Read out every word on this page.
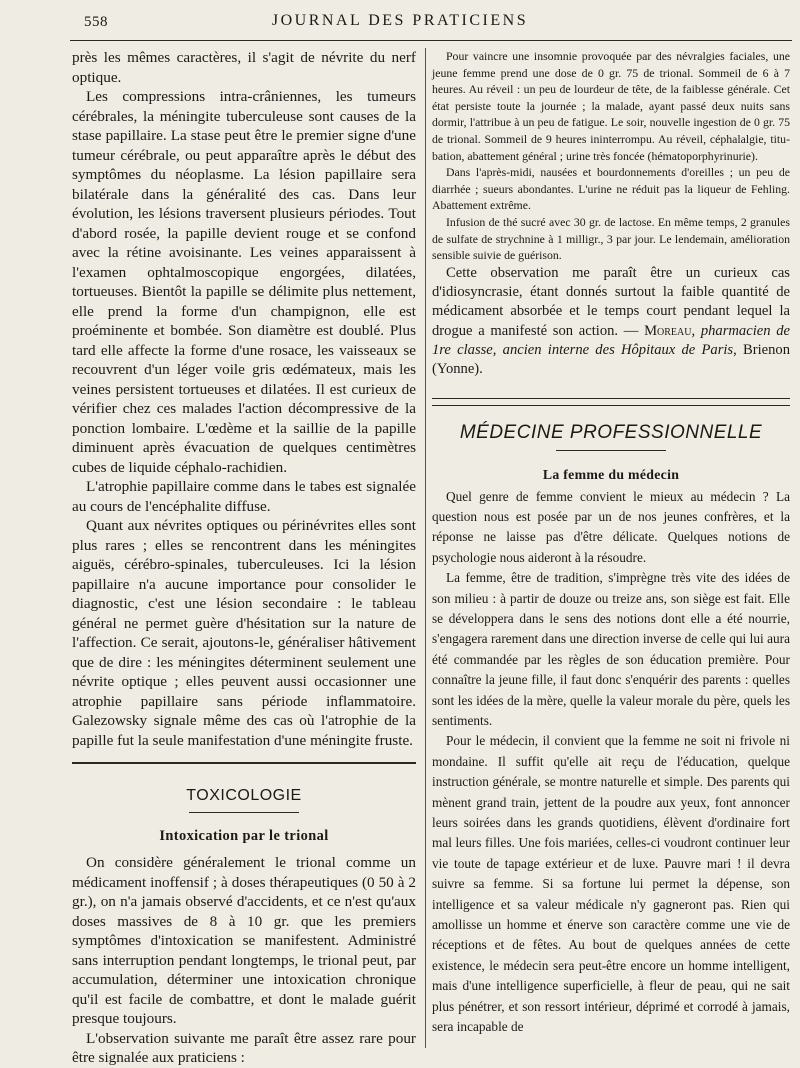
558	JOURNAL DES PRATICIENS

près les mêmes caractères, il s'agit de névrite du nerf optique.

Les compressions intra-crâniennes, les tumeurs cérébrales, la méningite tuberculeuse sont causes de la stase papillaire. La stase peut être le premier signe d'une tumeur cérébrale, ou peut apparaître après le début des symptômes du néoplasme. La lésion papillaire sera bilatérale dans la généralité des cas. Dans leur évolution, les lésions traversent plusieurs périodes. Tout d'abord rosée, la papille devient rouge et se confond avec la rétine avoisinante. Les veines apparaissent à l'examen ophtalmoscopique engorgées, dilatées, tortueuses. Bientôt la papille se délimite plus nettement, elle prend la forme d'un champignon, elle est proéminente et bombée. Son diamètre est doublé. Plus tard elle affecte la forme d'une rosace, les vaisseaux se recouvrent d'un léger voile gris œdémateux, mais les veines persistent tortueuses et dilatées. Il est curieux de vérifier chez ces malades l'action décompressive de la ponction lombaire. L'œdème et la saillie de la papille diminuent après évacuation de quelques centimètres cubes de liquide céphalo-rachidien.

L'atrophie papillaire comme dans le tabes est signalée au cours de l'encéphalite diffuse.

Quant aux névrites optiques ou périnévrites elles sont plus rares ; elles se rencontrent dans les méningites aiguës, cérébro-spinales, tuberculeuses. Ici la lésion papillaire n'a aucune importance pour consolider le diagnostic, c'est une lésion secondaire : le tableau général ne permet guère d'hésitation sur la nature de l'affection. Ce serait, ajoutons-le, généraliser hâtivement que de dire : les méningites déterminent seulement une névrite optique ; elles peuvent aussi occasionner une atrophie papillaire sans période inflammatoire. Galezowsky signale même des cas où l'atrophie de la papille fut la seule manifestation d'une méningite fruste.

TOXICOLOGIE
Intoxication par le trional

On considère généralement le trional comme un médicament inoffensif ; à doses thérapeutiques (0 50 à 2 gr.), on n'a jamais observé d'accidents, et ce n'est qu'aux doses massives de 8 à 10 gr. que les premiers symptômes d'intoxication se manifestent. Administré sans interruption pendant longtemps, le trional peut, par accumulation, déterminer une intoxication chronique qu'il est facile de combattre, et dont le malade guérit presque toujours.

L'observation suivante me paraît être assez rare pour être signalée aux praticiens :

Pour vaincre une insomnie provoquée par des névralgies faciales, une jeune femme prend une dose de 0 gr. 75 de trional. Sommeil de 6 à 7 heures. Au réveil : un peu de lourdeur de tête, de la faiblesse générale. Cet état persiste toute la journée ; la malade, ayant passé deux nuits sans dormir, l'attribue à un peu de fatigue. Le soir, nouvelle ingestion de 0 gr. 75 de trional. Sommeil de 9 heures ininterrompu. Au réveil, céphalalgie, titubation, abattement général ; urine très foncée (hématoporphyrinurie).

Dans l'après-midi, nausées et bourdonnements d'oreilles ; un peu de diarrhée ; sueurs abondantes. L'urine ne réduit pas la liqueur de Fehling. Abattement extrême.

Infusion de thé sucré avec 30 gr. de lactose. En même temps, 2 granules de sulfate de strychnine à 1 milligr., 3 par jour. Le lendemain, amélioration sensible suivie de guérison.

Cette observation me paraît être un curieux cas d'idiosyncrasie, étant donnés surtout la faible quantité de médicament absorbée et le temps court pendant lequel la drogue a manifesté son action. — Moreau, pharmacien de 1re classe, ancien interne des Hôpitaux de Paris, Brienon (Yonne).

MÉDECINE PROFESSIONNELLE
La femme du médecin

Quel genre de femme convient le mieux au médecin ? La question nous est posée par un de nos jeunes confrères, et la réponse ne laisse pas d'être délicate. Quelques notions de psychologie nous aideront à la résoudre.

La femme, être de tradition, s'imprègne très vite des idées de son milieu : à partir de douze ou treize ans, son siège est fait. Elle se développera dans le sens des notions dont elle a été nourrie, s'engagera rarement dans une direction inverse de celle qui lui aura été commandée par les règles de son éducation première. Pour connaître la jeune fille, il faut donc s'enquérir des parents : quelles sont les idées de la mère, quelle la valeur morale du père, quels les sentiments.

Pour le médecin, il convient que la femme ne soit ni frivole ni mondaine. Il suffit qu'elle ait reçu de l'éducation, quelque instruction générale, se montre naturelle et simple. Des parents qui mènent grand train, jettent de la poudre aux yeux, font annoncer leurs soirées dans les grands quotidiens, élèvent d'ordinaire fort mal leurs filles. Une fois mariées, celles-ci voudront continuer leur vie toute de tapage extérieur et de luxe. Pauvre mari ! il devra suivre sa femme. Si sa fortune lui permet la dépense, son intelligence et sa valeur médicale n'y gagneront pas. Rien qui amollisse un homme et énerve son caractère comme une vie de réceptions et de fêtes. Au bout de quelques années de cette existence, le médecin sera peut-être encore un homme intelligent, mais d'une intelligence superficielle, à fleur de peau, qui ne sait plus pénétrer, et son ressort intérieur, déprimé et corrodé à jamais, sera incapable de
